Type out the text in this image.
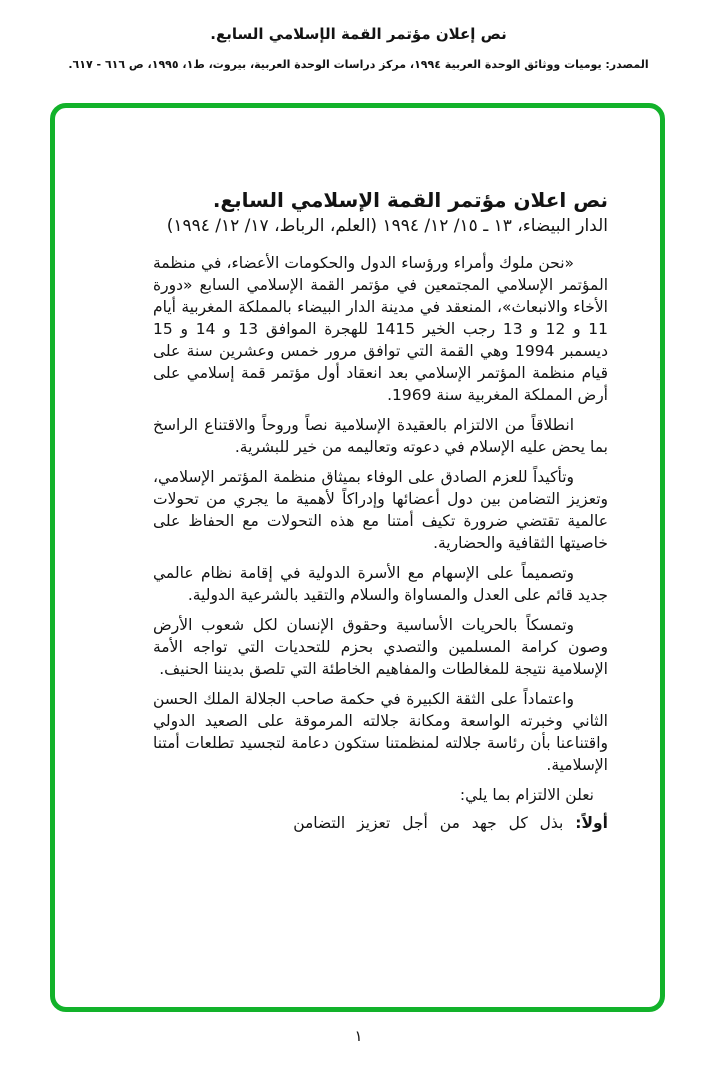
نص إعلان مؤتمر القمة الإسلامي السابع.
المصدر: يوميات ووثائق الوحدة العربية ١٩٩٤، مركز دراسات الوحدة العربية، بيروت، ط١، ١٩٩٥، ص ٦١٦ - ٦١٧.
نص اعلان مؤتمر القمة الإسلامي السابع.
الدار البيضاء، ١٣ ـ ١٥/ ١٢/ ١٩٩٤ (العلم، الرباط، ١٧/ ١٢/ ١٩٩٤)

«نحن ملوك وأمراء ورؤساء الدول والحكومات الأعضاء، في منظمة المؤتمر الإسلامي المجتمعين في مؤتمر القمة الإسلامي السابع «دورة الأخاء والانبعاث»، المنعقد في مدينة الدار البيضاء بالمملكة المغربية أيام 11 و 12 و 13 رجب الخير 1415 للهجرة الموافق 13 و 14 و 15 ديسمبر 1994 وهي القمة التي توافق مرور خمس وعشرين سنة على قيام منظمة المؤتمر الإسلامي بعد انعقاد أول مؤتمر قمة إسلامي على أرض المملكة المغربية سنة 1969.

انطلاقاً من الالتزام بالعقيدة الإسلامية نصاً وروحاً والاقتناع الراسخ بما يحض عليه الإسلام في دعوته وتعاليمه من خير للبشرية.

وتأكيداً للعزم الصادق على الوفاء بميثاق منظمة المؤتمر الإسلامي، وتعزيز التضامن بين دول أعضائها وإدراكاً لأهمية ما يجري من تحولات عالمية تقتضي ضرورة تكيف أمتنا مع هذه التحولات مع الحفاظ على خاصيتها الثقافية والحضارية.

وتصميماً على الإسهام مع الأسرة الدولية في إقامة نظام عالمي جديد قائم على العدل والمساواة والسلام والتقيد بالشرعية الدولية.

وتمسكاً بالحريات الأساسية وحقوق الإنسان لكل شعوب الأرض وصون كرامة المسلمين والتصدي بحزم للتحديات التي تواجه الأمة الإسلامية نتيجة للمغالطات والمفاهيم الخاطئة التي تلصق بديننا الحنيف.

واعتماداً على الثقة الكبيرة في حكمة صاحب الجلالة الملك الحسن الثاني وخبرته الواسعة ومكانة جلالته المرموقة على الصعيد الدولي واقتناعنا بأن رئاسة جلالته لمنظمتنا ستكون دعامة لتجسيد تطلعات أمتنا الإسلامية.

نعلن الالتزام بما يلي:

أولاً: بذل كل جهد من أجل تعزيز التضامن

١
